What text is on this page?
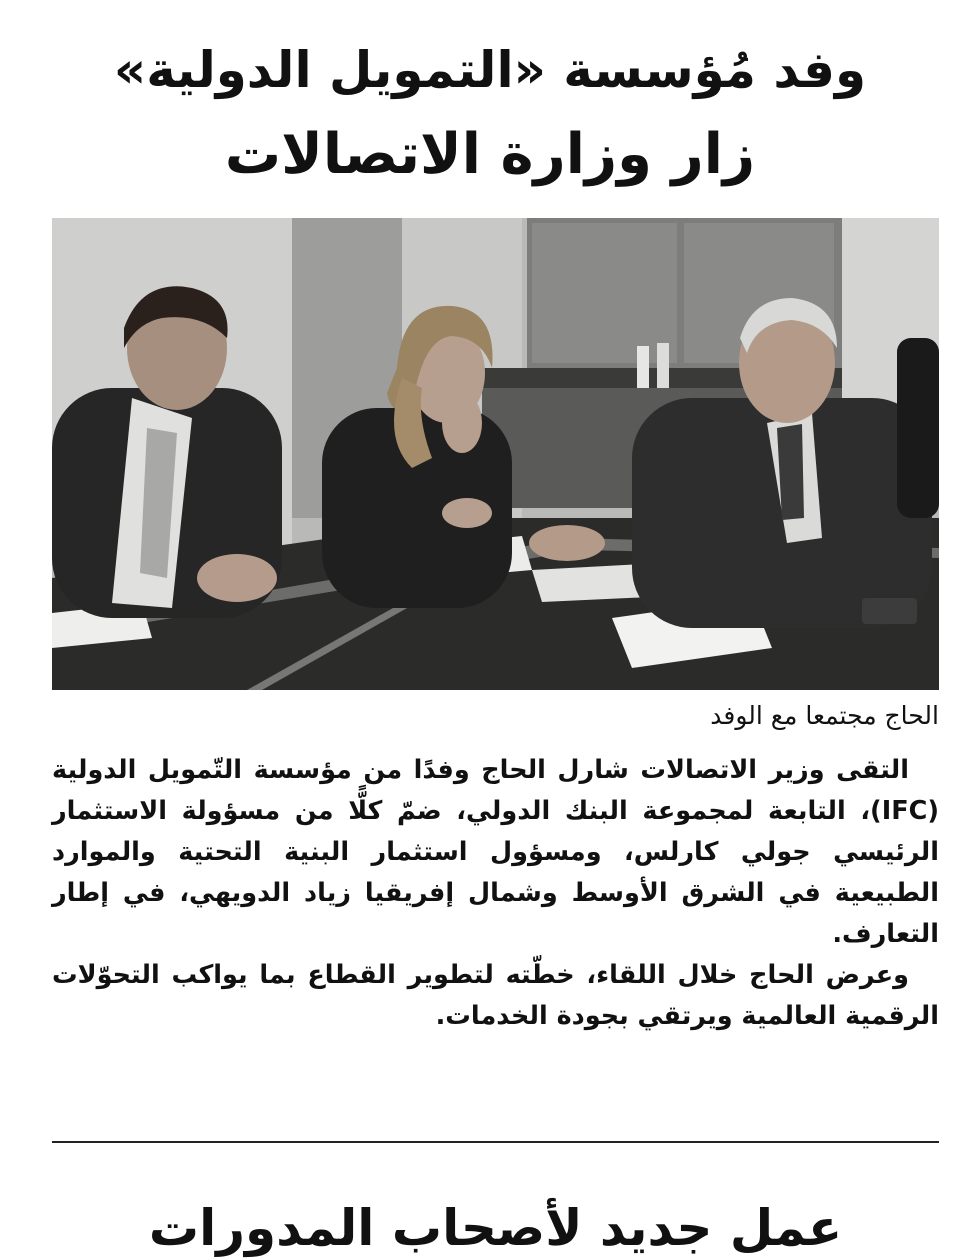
وفد مُؤسسة «التمويل الدولية»
زار وزارة الاتصالات
الحاج مجتمعا مع الوفد

التقى وزير الاتصالات شارل الحاج وفدًا من مؤسسة التّمويل الدولية (IFC)، التابعة لمجموعة البنك الدولي، ضمّ كلًّا من مسؤولة الاستثمار الرئيسي جولي كارلس، ومسؤول استثمار البنية التحتية والموارد الطبيعية في الشرق الأوسط وشمال إفريقيا زياد الدويهي، في إطار التعارف.

وعرض الحاج خلال اللقاء، خطّته لتطوير القطاع بما يواكب التحوّلات الرقمية العالمية ويرتقي بجودة الخدمات.

عمل جديد لأصحاب المدورات
